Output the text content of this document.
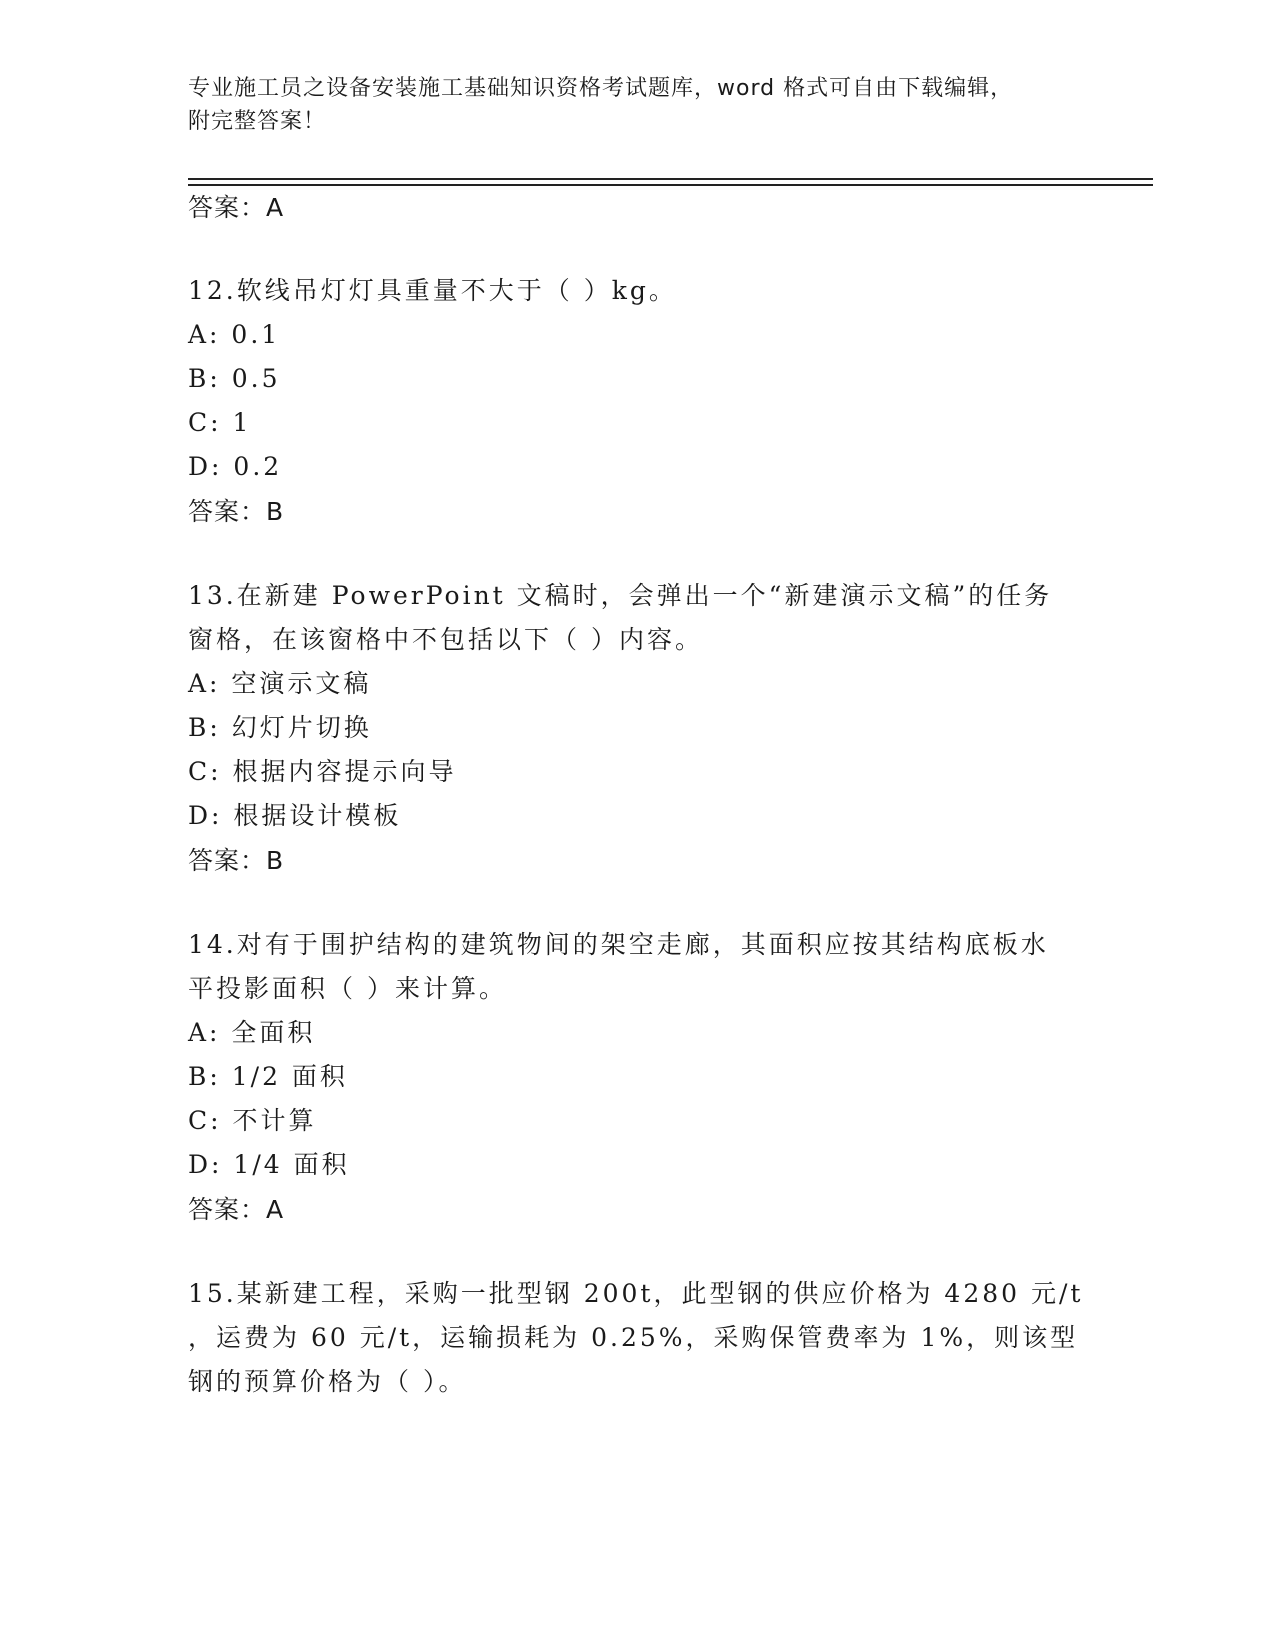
专业施工员之设备安装施工基础知识资格考试题库，word 格式可自由下载编辑，
附完整答案！
答案：A
12.软线吊灯灯具重量不大于（ ）kg。
A: 0.1
B: 0.5
C: 1
D: 0.2
答案：B
13.在新建 PowerPoint 文稿时，会弹出一个“新建演示文稿”的任务
窗格，在该窗格中不包括以下（ ）内容。
A: 空演示文稿
B: 幻灯片切换
C: 根据内容提示向导
D: 根据设计模板
答案：B
14.对有于围护结构的建筑物间的架空走廊，其面积应按其结构底板水
平投影面积（ ）来计算。
A: 全面积
B: 1/2 面积
C: 不计算
D: 1/4 面积
答案：A
15.某新建工程，采购一批型钢 200t，此型钢的供应价格为 4280 元/t
，运费为 60 元/t，运输损耗为 0.25%，采购保管费率为 1%，则该型
钢的预算价格为（ ）。
